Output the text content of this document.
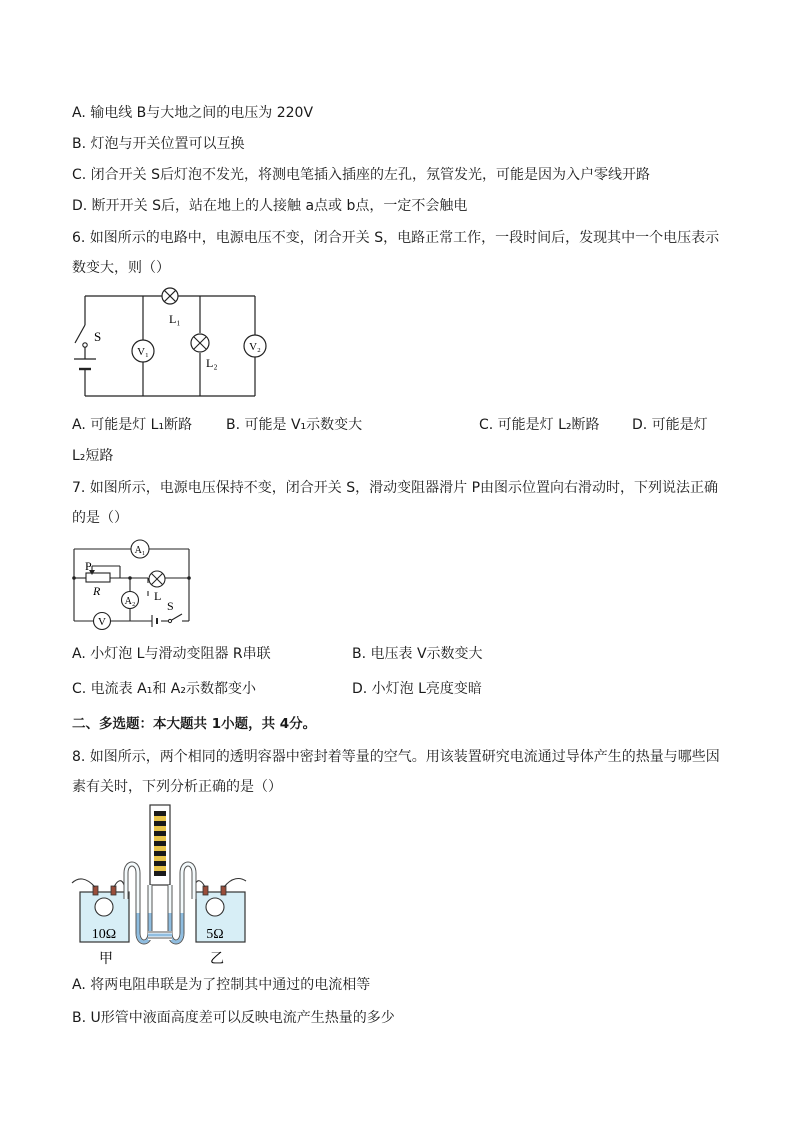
A. 输电线 B与大地之间的电压为 220V
B. 灯泡与开关位置可以互换
C. 闭合开关 S后灯泡不发光，将测电笔插入插座的左孔，氖管发光，可能是因为入户零线开路
D. 断开开关 S后，站在地上的人接触 a点或 b点，一定不会触电
6. 如图所示的电路中，电源电压不变，闭合开关 S，电路正常工作，一段时间后，发现其中一个电压表示
数变大，则（）
S
L₁
L₂
V₁	V₂
A. 可能是灯 L₁断路 B. 可能是 V₁示数变大	C. 可能是灯 L₂断路 D. 可能是灯
L₂短路
7. 如图所示，电源电压保持不变，闭合开关 S，滑动变阻器滑片 P由图示位置向右滑动时，下列说法正确
的是（）
A₁
A₂
V
P
R	L
S
A. 小灯泡 L与滑动变阻器 R串联	B. 电压表 V示数变大
C. 电流表 A₁和 A₂示数都变小	D. 小灯泡 L亮度变暗
二、多选题：本大题共 1小题，共 4分。
8. 如图所示，两个相同的透明容器中密封着等量的空气。用该装置研究电流通过导体产生的热量与哪些因
素有关时，下列分析正确的是（）
10Ω	5Ω
甲	乙
A. 将两电阻串联是为了控制其中通过的电流相等
B. U形管中液面高度差可以反映电流产生热量的多少
